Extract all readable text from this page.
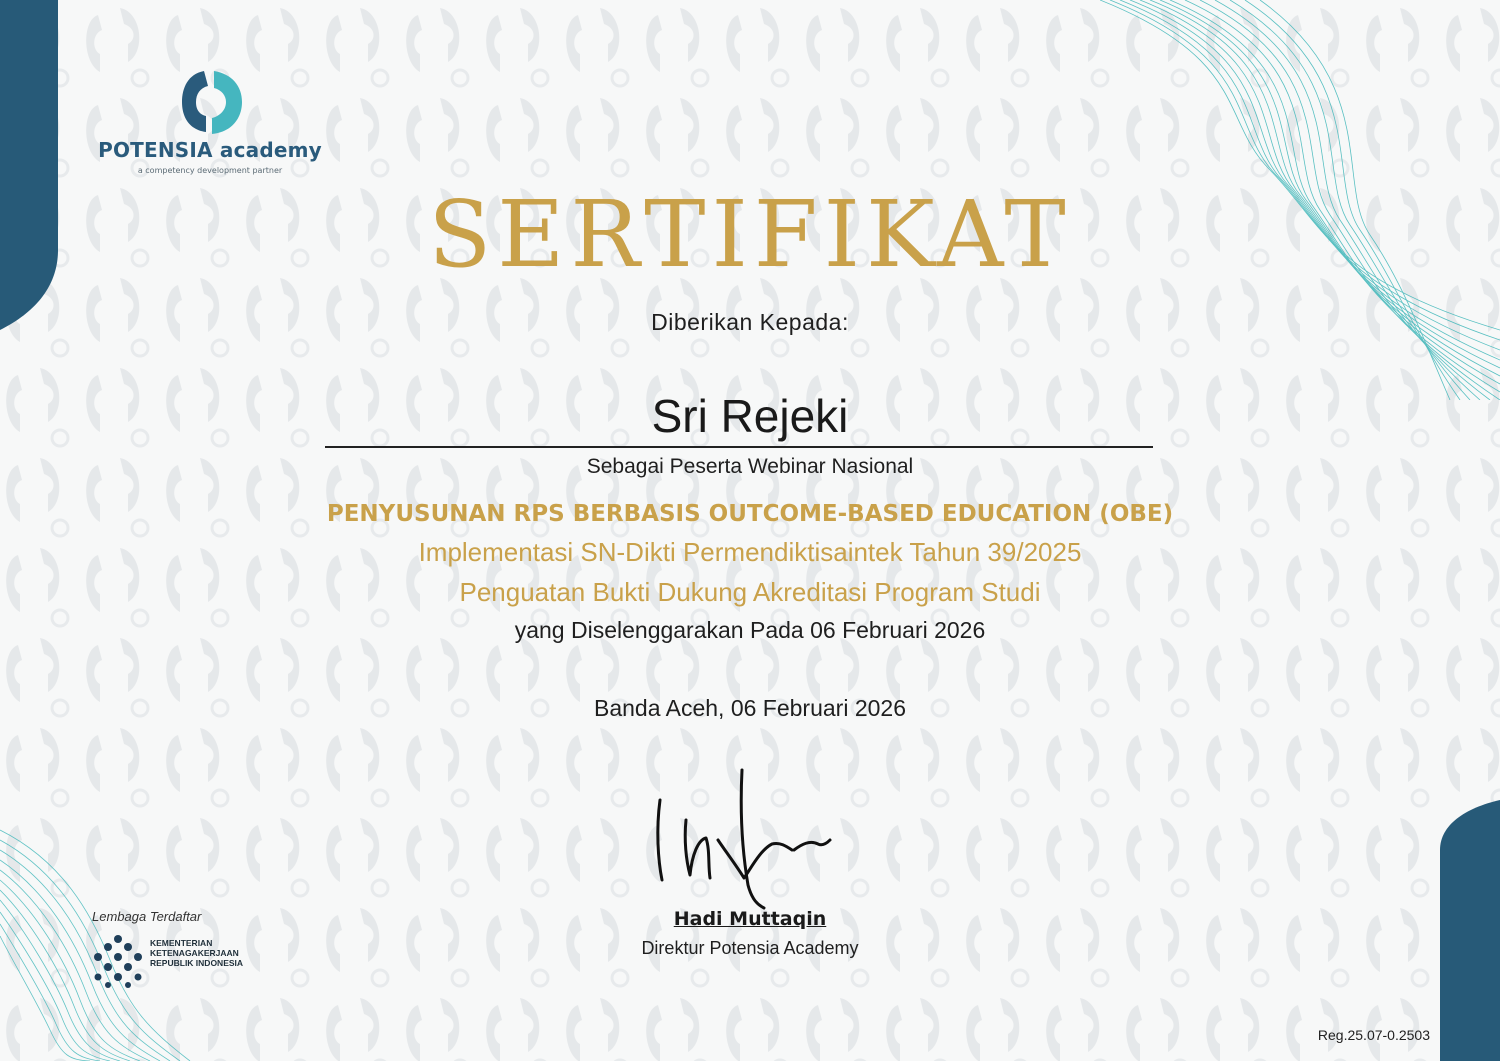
POTENSIA academy
a competency development partner
SERTIFIKAT
Diberikan Kepada:
Sri Rejeki
Sebagai Peserta Webinar Nasional
PENYUSUNAN RPS BERBASIS OUTCOME-BASED EDUCATION (OBE)
Implementasi SN-Dikti Permendiktisaintek Tahun 39/2025
Penguatan Bukti Dukung Akreditasi Program Studi
yang Diselenggarakan Pada 06 Februari 2026
Banda Aceh, 06 Februari 2026
Hadi Muttaqin
Direktur Potensia Academy
Lembaga Terdaftar
KEMENTERIAN
KETENAGAKERJAAN
REPUBLIK INDONESIA
Reg.25.07-0.2503
